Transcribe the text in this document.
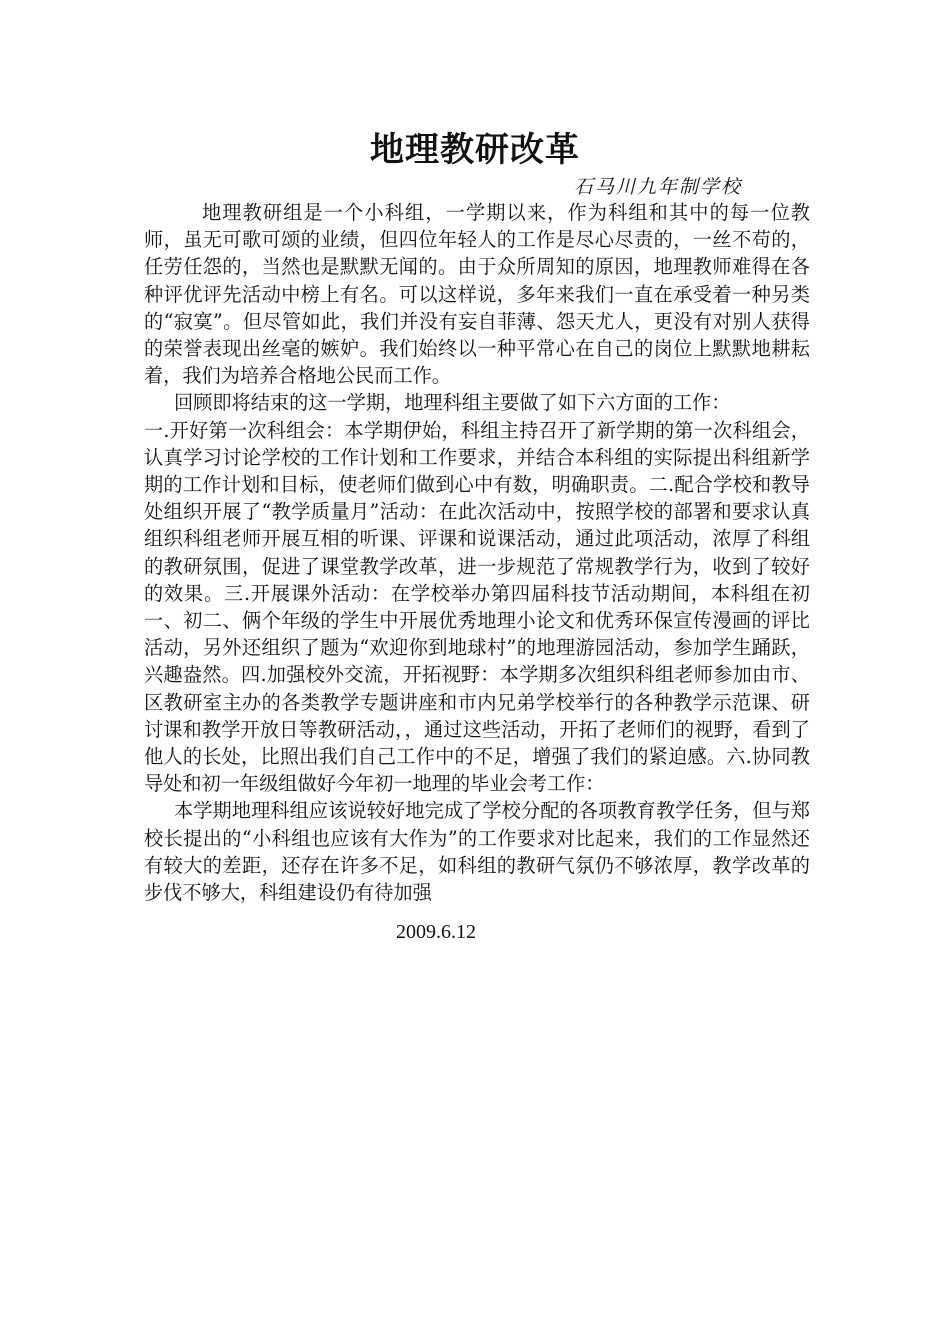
地理教研改革

石马川九年制学校

地理教研组是一个小科组，一学期以来，作为科组和其中的每一位教师，虽无可歌可颂的业绩，但四位年轻人的工作是尽心尽责的，一丝不苟的，任劳任怨的，当然也是默默无闻的。由于众所周知的原因，地理教师难得在各种评优评先活动中榜上有名。可以这样说，多年来我们一直在承受着一种另类的“寂寞”。但尽管如此，我们并没有妄自菲薄、怨天尤人，更没有对别人获得的荣誉表现出丝毫的嫉妒。我们始终以一种平常心在自己的岗位上默默地耕耘着，我们为培养合格地公民而工作。

回顾即将结束的这一学期，地理科组主要做了如下六方面的工作：

一.开好第一次科组会：本学期伊始，科组主持召开了新学期的第一次科组会，认真学习讨论学校的工作计划和工作要求，并结合本科组的实际提出科组新学期的工作计划和目标，使老师们做到心中有数，明确职责。二.配合学校和教导处组织开展了“教学质量月”活动：在此次活动中，按照学校的部署和要求认真组织科组老师开展互相的听课、评课和说课活动，通过此项活动，浓厚了科组的教研氛围，促进了课堂教学改革，进一步规范了常规教学行为，收到了较好的效果。三.开展课外活动：在学校举办第四届科技节活动期间，本科组在初一、初二、俩个年级的学生中开展优秀地理小论文和优秀环保宣传漫画的评比活动，另外还组织了题为“欢迎你到地球村”的地理游园活动，参加学生踊跃，兴趣盎然。四.加强校外交流，开拓视野：本学期多次组织科组老师参加由市、区教研室主办的各类教学专题讲座和市内兄弟学校举行的各种教学示范课、研讨课和教学开放日等教研活动，，通过这些活动，开拓了老师们的视野，看到了他人的长处，比照出我们自己工作中的不足，增强了我们的紧迫感。六.协同教导处和初一年级组做好今年初一地理的毕业会考工作：

本学期地理科组应该说较好地完成了学校分配的各项教育教学任务，但与郑校长提出的“小科组也应该有大作为”的工作要求对比起来，我们的工作显然还有较大的差距，还存在许多不足，如科组的教研气氛仍不够浓厚，教学改革的步伐不够大，科组建设仍有待加强

2009.6.12
